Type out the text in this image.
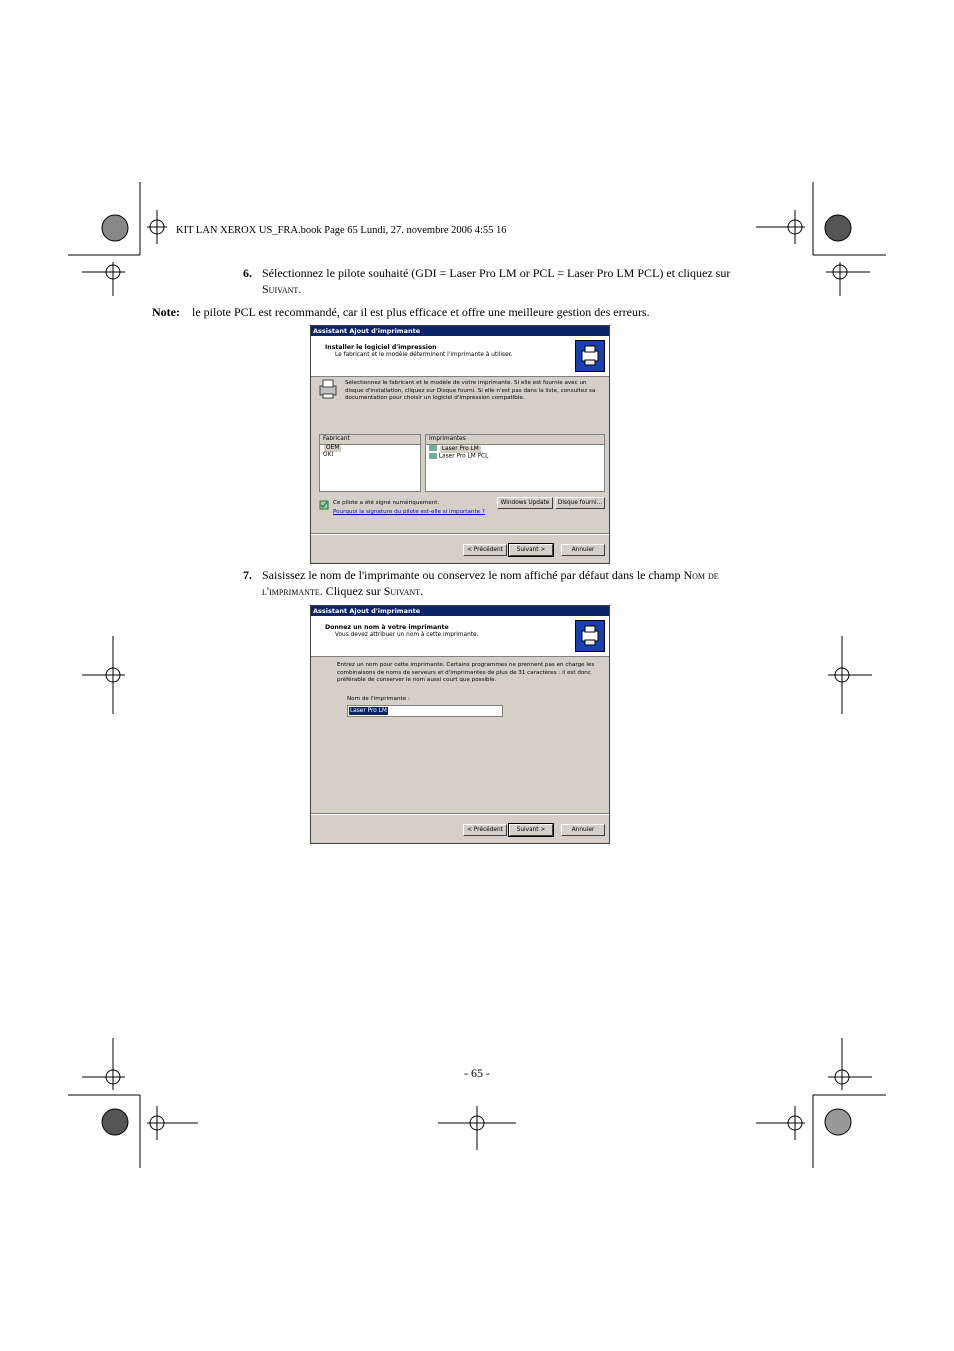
KIT LAN XEROX US_FRA.book Page 65 Lundi, 27. novembre 2006 4:55 16
6. Sélectionnez le pilote souhaité (GDI = Laser Pro LM or PCL = Laser Pro LM PCL) et cliquez sur
Suivant.
Note: le pilote PCL est recommandé, car il est plus efficace et offre une meilleure gestion des erreurs.
Assistant Ajout d'imprimante
Installer le logiciel d'impression
Le fabricant et le modèle déterminent l'imprimante à utiliser.
Sélectionnez le fabricant et le modèle de votre imprimante. Si elle est fournie avec un disque d'installation, cliquez sur Disque fourni. Si elle n'est pas dans la liste, consultez sa documentation pour choisir un logiciel d'impression compatible.
Fabricant
OEM
OKI
Imprimantes
Laser Pro LM
Laser Pro LM PCL
Ce pilote a été signé numériquement.
Pourquoi la signature du pilote est-elle si importante ?
Windows Update	Disque fourni...
< Précédent	Suivant >	Annuler
7. Saisissez le nom de l'imprimante ou conservez le nom affiché par défaut dans le champ Nom de
l'imprimante. Cliquez sur Suivant.
Assistant Ajout d'imprimante
Donnez un nom à votre imprimante
Vous devez attribuer un nom à cette imprimante.
Entrez un nom pour cette imprimante. Certains programmes ne prennent pas en charge les combinaisons de noms de serveurs et d'imprimantes de plus de 31 caractères : il est donc préférable de conserver le nom aussi court que possible.
Nom de l'imprimante :
Laser Pro LM
< Précédent	Suivant >	Annuler
- 65 -
